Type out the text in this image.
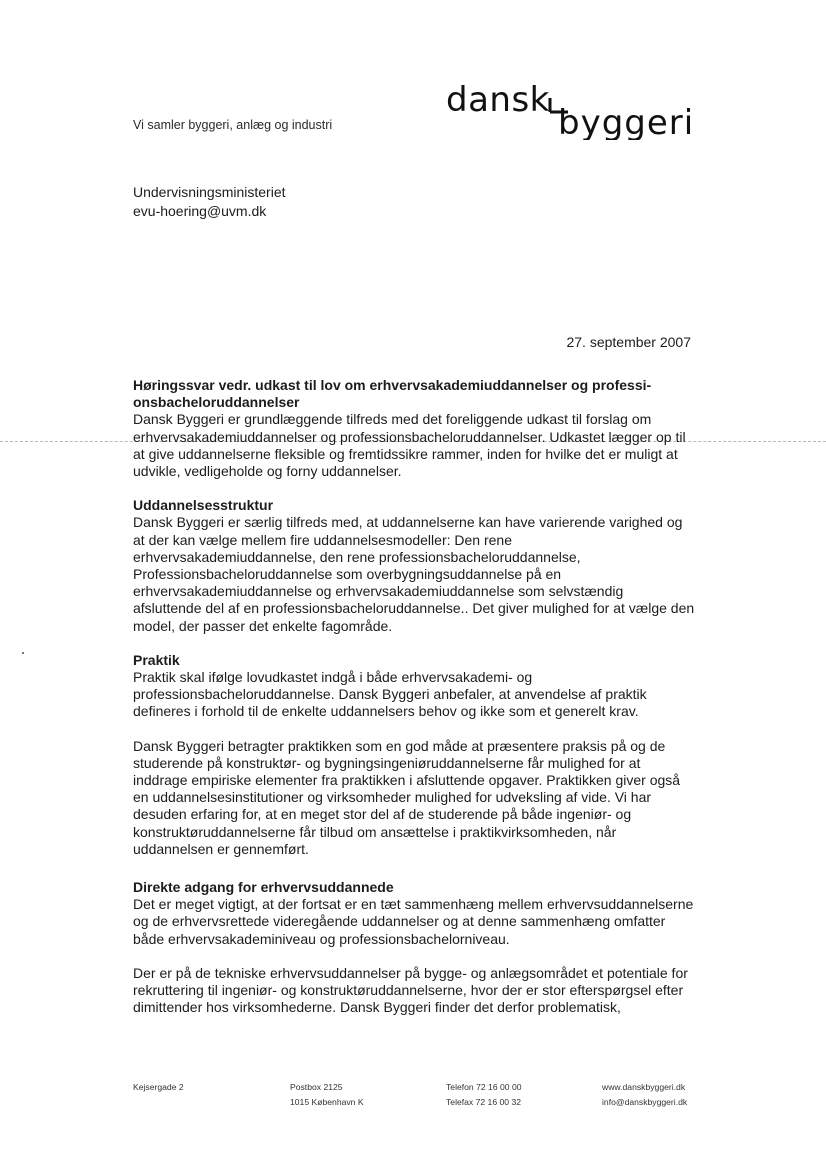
Vi samler byggeri, anlæg og industri
dansk
byggeri
Undervisningsministeriet
evu-hoering@uvm.dk
27. september 2007
Høringssvar vedr. udkast til lov om erhvervsakademiuddannelser og professi-
onsbacheloruddannelser

Dansk Byggeri er grundlæggende tilfreds med det foreliggende udkast til forslag om erhvervsakademiuddannelser og professionsbacheloruddannelser. Udkastet lægger op til at give uddannelserne fleksible og fremtidssikre rammer, inden for hvilke det er muligt at udvikle, vedligeholde og forny uddannelser.

Uddannelsesstruktur

Dansk Byggeri er særlig tilfreds med, at uddannelserne kan have varierende varighed og at der kan vælge mellem fire uddannelsesmodeller: Den rene erhvervsakademiuddannelse, den rene professionsbacheloruddannelse, Professionsbacheloruddannelse som overbygningsuddannelse på en erhvervsakademiuddannelse og erhvervsakademiuddannelse som selvstændig afsluttende del af en professionsbacheloruddannelse.. Det giver mulighed for at vælge den model, der passer det enkelte fagområde.

Praktik

Praktik skal ifølge lovudkastet indgå i både erhvervsakademi- og professionsbacheloruddannelse. Dansk Byggeri anbefaler, at anvendelse af praktik defineres i forhold til de enkelte uddannelsers behov og ikke som et generelt krav.

Dansk Byggeri betragter praktikken som en god måde at præsentere praksis på og de studerende på konstruktør- og bygningsingeniøruddannelserne får mulighed for at inddrage empiriske elementer fra praktikken i afsluttende opgaver. Praktikken giver også en uddannelsesinstitutioner og virksomheder mulighed for udveksling af vide. Vi har desuden erfaring for, at en meget stor del af de studerende på både ingeniør- og konstruktøruddannelserne får tilbud om ansættelse i praktikvirksomheden, når uddannelsen er gennemført.

Direkte adgang for erhvervsuddannede

Det er meget vigtigt, at der fortsat er en tæt sammenhæng mellem erhvervsuddannelserne og de erhvervsrettede videregående uddannelser og at denne sammenhæng omfatter både erhvervsakademiniveau og professionsbachelorniveau.

Der er på de tekniske erhvervsuddannelser på bygge- og anlægsområdet et potentiale for rekruttering til ingeniør- og konstruktøruddannelserne, hvor der er stor efterspørgsel efter dimittender hos virksomhederne. Dansk Byggeri finder det derfor problematisk,

Kejsergade 2	Postbox 2125
1015 København K
Telefon 72 16 00 00
Telefax 72 16 00 32
www.danskbyggeri.dk
info@danskbyggeri.dk
